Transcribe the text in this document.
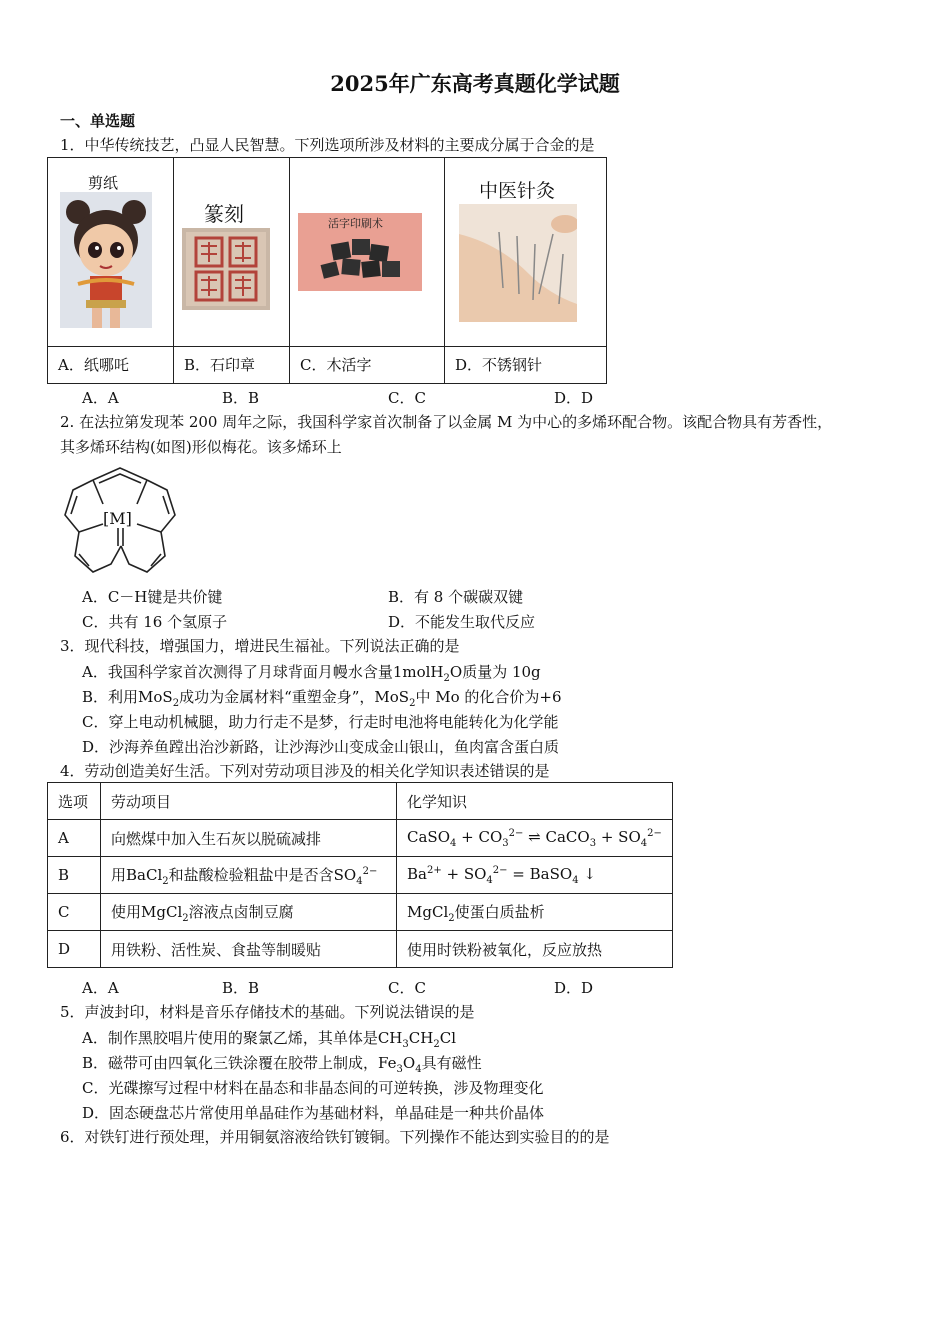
2025年广东高考真题化学试题
一、单选题
1．中华传统技艺，凸显人民智慧。下列选项所涉及材料的主要成分属于合金的是
剪纸
A．纸哪吒

篆刻
B．石印章

活字印刷术
C．木活字

中医针灸
D．不锈钢针
A．A	B．B	C．C	D．D
2. 在法拉第发现苯 200 周年之际，我国科学家首次制备了以金属 M 为中心的多烯环配合物。该配合物具有芳香性，
其多烯环结构(如图)形似梅花。该多烯环上
[M]
A．C－H键是共价键	B．有 8 个碳碳双键
C．共有 16 个氢原子	D．不能发生取代反应
3．现代科技，增强国力，增进民生福祉。下列说法正确的是
A．我国科学家首次测得了月球背面月幔水含量1molH$_2$O质量为 10g
B．利用MoS$_2$成功为金属材料“重塑金身”，MoS$_2$中 Mo 的化合价为+6
C．穿上电动机械腿，助力行走不是梦，行走时电池将电能转化为化学能
D．沙海养鱼蹚出治沙新路，让沙海沙山变成金山银山，鱼肉富含蛋白质
4．劳动创造美好生活。下列对劳动项目涉及的相关化学知识表述错误的是
选项	劳动项目	化学知识
A	向燃煤中加入生石灰以脱硫减排	CaSO$_4$ + $CO_3^{2-}$ ⇌ CaCO$_3$ + $SO_4^{2-}$
B	用BaCl$_2$和盐酸检验粗盐中是否含$SO_4^{2-}$	$Ba^{2+} + SO_4^{2-}$ = BaSO$_4$ ↓
C	使用MgCl$_2$溶液点卤制豆腐	MgCl$_2$使蛋白质盐析
D	用铁粉、活性炭、食盐等制暖贴	使用时铁粉被氧化，反应放热
A．A	B．B	C．C	D．D
5．声波封印，材料是音乐存储技术的基础。下列说法错误的是
A．制作黑胶唱片使用的聚氯乙烯，其单体是$CH_3CH_2Cl$
B．磁带可由四氧化三铁涂覆在胶带上制成，$Fe_3O_4$具有磁性
C．光碟擦写过程中材料在晶态和非晶态间的可逆转换，涉及物理变化
D．固态硬盘芯片常使用单晶硅作为基础材料，单晶硅是一种共价晶体
6．对铁钉进行预处理，并用铜氨溶液给铁钉镀铜。下列操作不能达到实验目的的是
